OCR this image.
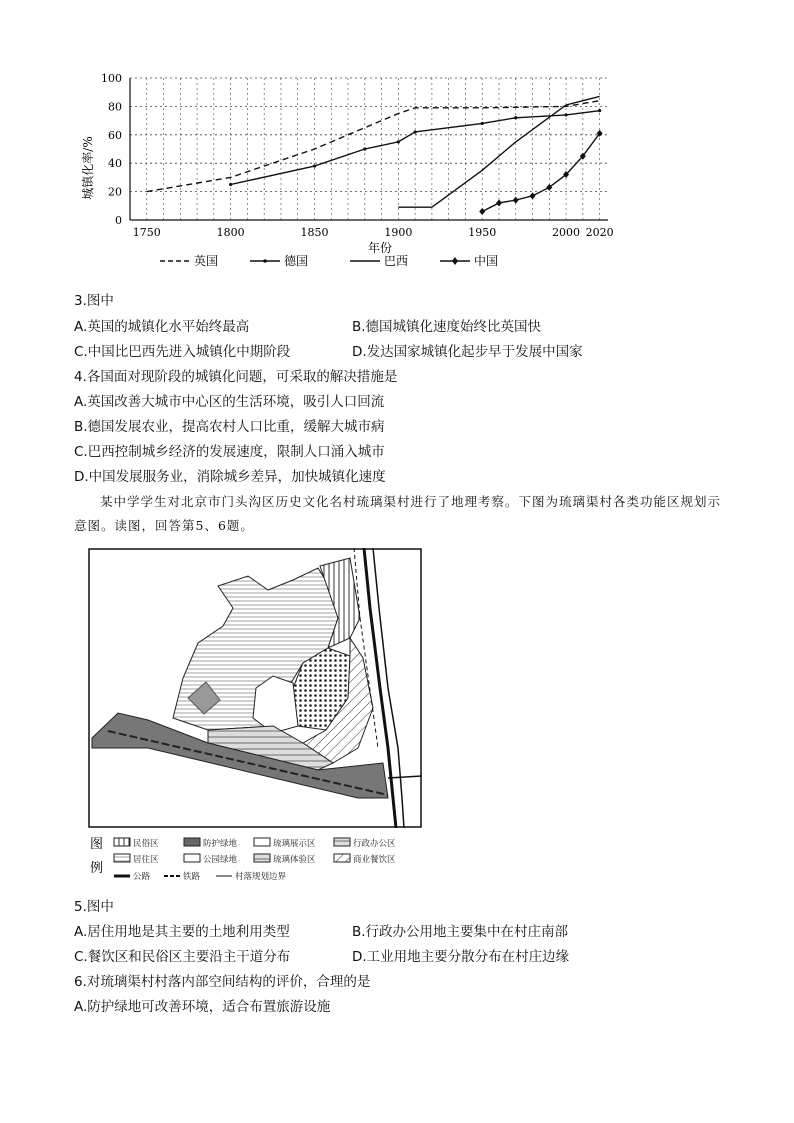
0
20
40
60
80
100
1750	1800	1850	1900	1950	2000 2020
城镇化率/%
年份
英国	德国	巴西	中国
3.图中
A.英国的城镇化水平始终最高	B.德国城镇化速度始终比英国快
C.中国比巴西先进入城镇化中期阶段	D.发达国家城镇化起步早于发展中国家
4.各国面对现阶段的城镇化问题，可采取的解决措施是
A.英国改善大城市中心区的生活环境，吸引人口回流
B.德国发展农业，提高农村人口比重，缓解大城市病
C.巴西控制城乡经济的发展速度，限制人口涌入城市
D.中国发展服务业，消除城乡差异，加快城镇化速度
某中学学生对北京市门头沟区历史文化名村琉璃渠村进行了地理考察。下图为琉璃渠村各类功能区规划示意图。读图，回答第5、6题。
图
例
民俗区	防护绿地	琉璃展示区	行政办公区
居住区	公园绿地	琉璃体验区	商业餐饮区
公路	铁路	村落规划边界
5.图中
A.居住用地是其主要的土地利用类型	B.行政办公用地主要集中在村庄南部
C.餐饮区和民俗区主要沿主干道分布	D.工业用地主要分散分布在村庄边缘
6.对琉璃渠村村落内部空间结构的评价，合理的是
A.防护绿地可改善环境，适合布置旅游设施
